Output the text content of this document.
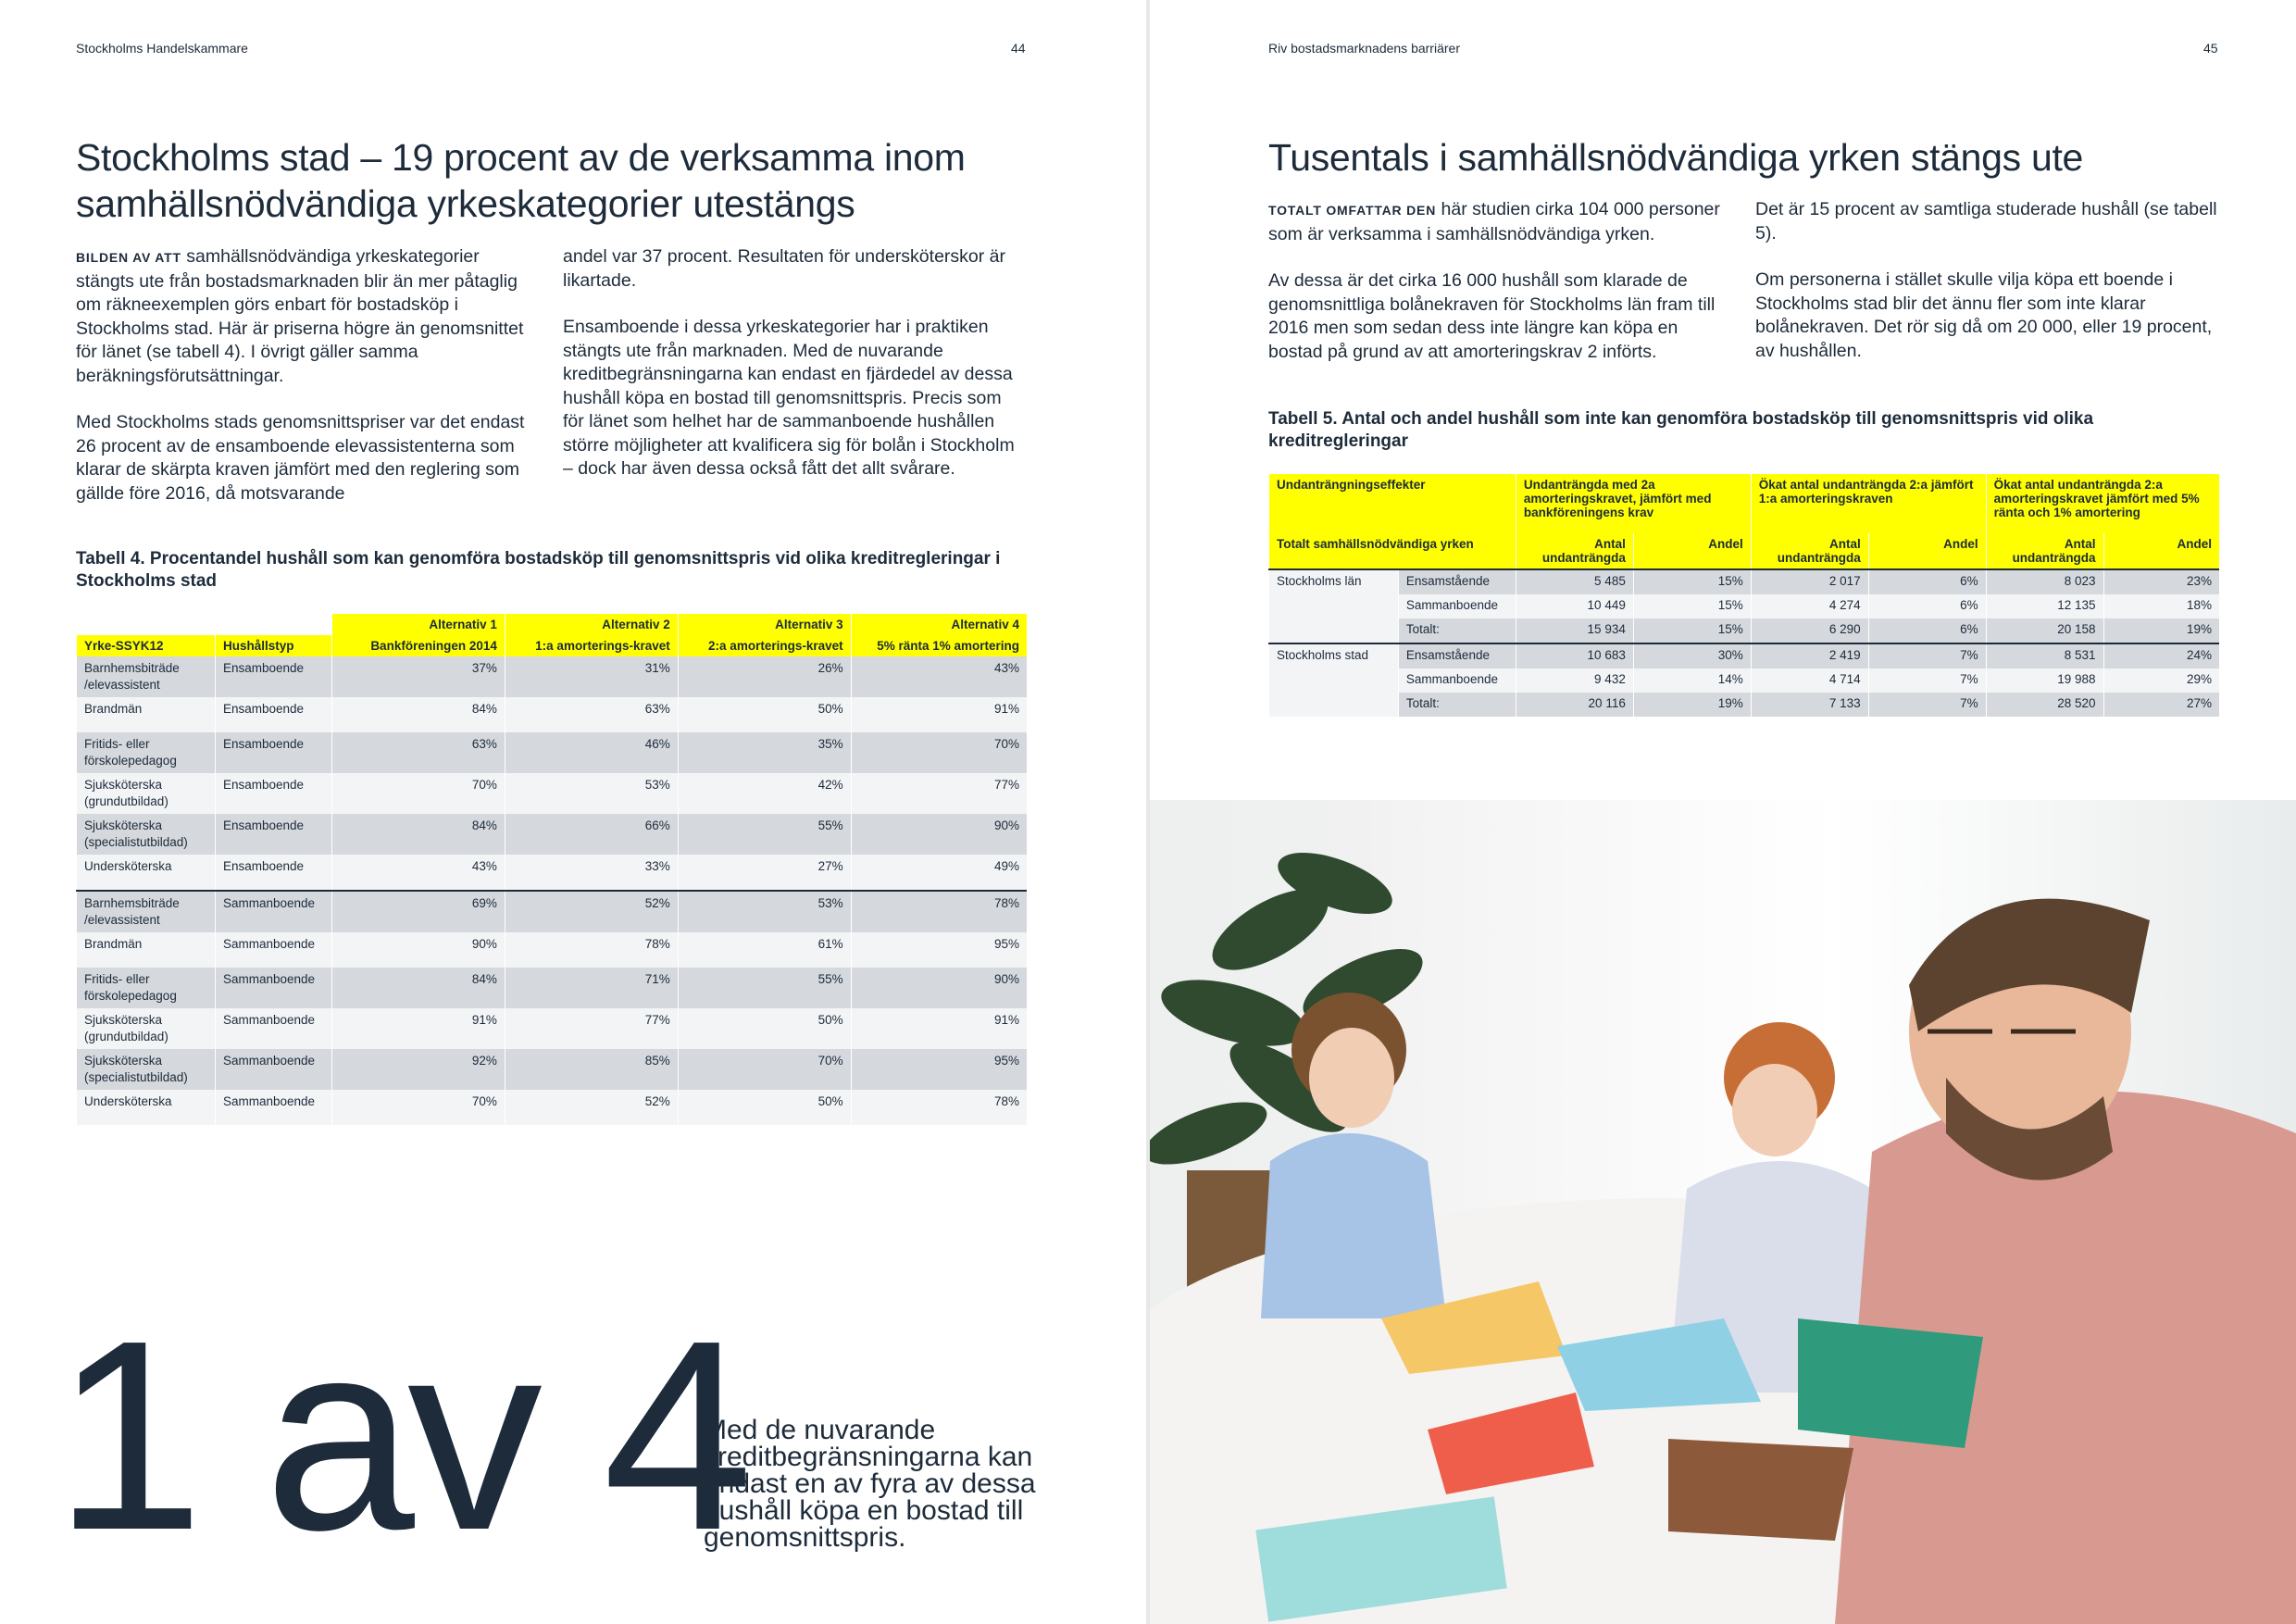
Stockholms Handelskammare	44
Stockholms stad – 19 procent av de verksamma inom samhällsnödvändiga yrkeskategorier utestängs

BILDEN AV ATT samhällsnödvändiga yrkeskategorier stängts ute från bostadsmarknaden blir än mer påtaglig om räkneexemplen görs enbart för bostadsköp i Stockholms stad. Här är priserna högre än genomsnittet för länet (se tabell 4). I övrigt gäller samma beräkningsförutsättningar.

Med Stockholms stads genomsnittspriser var det endast 26 procent av de ensamboende elevassistenterna som klarar de skärpta kraven jämfört med den reglering som gällde före 2016, då motsvarande

andel var 37 procent. Resultaten för undersköterskor är likartade.

Ensamboende i dessa yrkeskategorier har i praktiken stängts ute från marknaden. Med de nuvarande kreditbegränsningarna kan endast en fjärdedel av dessa hushåll köpa en bostad till genomsnittspris. Precis som för länet som helhet har de sammanboende hushållen större möjligheter att kvalificera sig för bolån i Stockholm – dock har även dessa också fått det allt svårare.

Tabell 4. Procentandel hushåll som kan genomföra bostadsköp till genomsnittspris vid olika kreditregleringar i Stockholms stad

		Alternativ 1	Alternativ 2	Alternativ 3	Alternativ 4
Yrke-SSYK12	Hushållstyp	Bankföreningen 2014	1:a amorterings-kravet	2:a amorterings-kravet	5% ränta 1% amortering
Barnhemsbiträde /elevassistent	Ensamboende	37%	31%	26%	43%
Brandmän	Ensamboende	84%	63%	50%	91%
Fritids- eller förskolepedagog	Ensamboende	63%	46%	35%	70%
Sjuksköterska (grundutbildad)	Ensamboende	70%	53%	42%	77%
Sjuksköterska (specialistutbildad)	Ensamboende	84%	66%	55%	90%
Undersköterska	Ensamboende	43%	33%	27%	49%
Barnhemsbiträde /elevassistent	Sammanboende	69%	52%	53%	78%
Brandmän	Sammanboende	90%	78%	61%	95%
Fritids- eller förskolepedagog	Sammanboende	84%	71%	55%	90%
Sjuksköterska (grundutbildad)	Sammanboende	91%	77%	50%	91%
Sjuksköterska (specialistutbildad)	Sammanboende	92%	85%	70%	95%
Undersköterska	Sammanboende	70%	52%	50%	78%
1 av 4
Med de nuvarande kreditbegränsningarna kan endast en av fyra av dessa hushåll köpa en bostad till genomsnittspris.
Riv bostadsmarknadens barriärer	45
Tusentals i samhällsnödvändiga yrken stängs ute

TOTALT OMFATTAR DEN här studien cirka 104 000 personer som är verksamma i samhällsnödvändiga yrken.

Av dessa är det cirka 16 000 hushåll som klarade de genomsnittliga bolånekraven för Stockholms län fram till 2016 men som sedan dess inte längre kan köpa en bostad på grund av att amorteringskrav 2 införts.

Det är 15 procent av samtliga studerade hushåll (se tabell 5).

Om personerna i stället skulle vilja köpa ett boende i Stockholms stad blir det ännu fler som inte klarar bolånekraven. Det rör sig då om 20 000, eller 19 procent, av hushållen.

Tabell 5. Antal och andel hushåll som inte kan genomföra bostadsköp till genomsnittspris vid olika kreditregleringar

Undanträngningseffekter		Undanträngda med 2a amorteringskravet, jämfört med bankföreningens krav		Ökat antal undanträngda 2:a jämfört 1:a amorteringskraven		Ökat antal undanträngda 2:a amorteringskravet jämfört med 5% ränta och 1% amortering	
Totalt samhällsnödvändiga yrken		Antal undanträngda	Andel	Antal undanträngda	Andel	Antal undanträngda	Andel
Stockholms län	Ensamstående	5 485	15%	2 017	6%	8 023	23%
	Sammanboende	10 449	15%	4 274	6%	12 135	18%
	Totalt:	15 934	15%	6 290	6%	20 158	19%
Stockholms stad	Ensamstående	10 683	30%	2 419	7%	8 531	24%
	Sammanboende	9 432	14%	4 714	7%	19 988	29%
	Totalt:	20 116	19%	7 133	7%	28 520	27%
